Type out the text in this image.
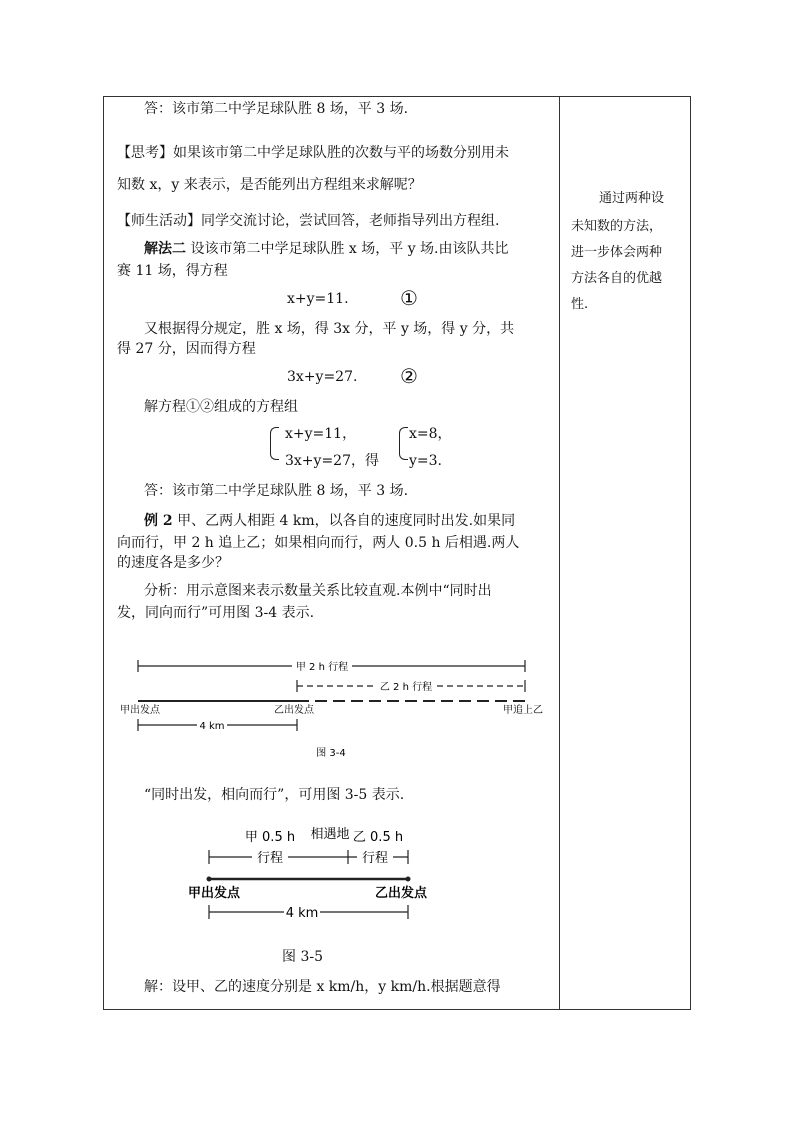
答：该市第二中学足球队胜 8 场，平 3 场.
【思考】如果该市第二中学足球队胜的次数与平的场数分别用未
知数 x，y 来表示，是否能列出方程组来求解呢？
【师生活动】同学交流讨论，尝试回答，老师指导列出方程组.
解法二 设该市第二中学足球队胜 x 场，平 y 场.由该队共比
赛 11 场，得方程
x+y=11.	①
又根据得分规定，胜 x 场，得 3x 分，平 y 场，得 y 分，共
得 27 分，因而得方程
3x+y=27. ②
解方程①②组成的方程组
x+y=11，
3x+y=27，得
x=8，
y=3.
答：该市第二中学足球队胜 8 场，平 3 场.
例 2 甲、乙两人相距 4 km，以各自的速度同时出发.如果同
向而行，甲 2 h 追上乙；如果相向而行，两人 0.5 h 后相遇.两人
的速度各是多少？
分析：用示意图来表示数量关系比较直观.本例中“同时出
发，同向而行”可用图 3-4 表示.
甲 2 h 行程
乙 2 h 行程
甲出发点	乙出发点	甲追上乙
4 km
图 3-4
“同时出发，相向而行”，可用图 3-5 表示.
甲 0.5 h 相遇地 乙 0.5 h
行程	行程
甲出发点	乙出发点
4 km
图 3-5
解：设甲、乙的速度分别是 x km/h，y km/h.根据题意得
通过两种设
未知数的方法，
进一步体会两种
方法各自的优越
性.
